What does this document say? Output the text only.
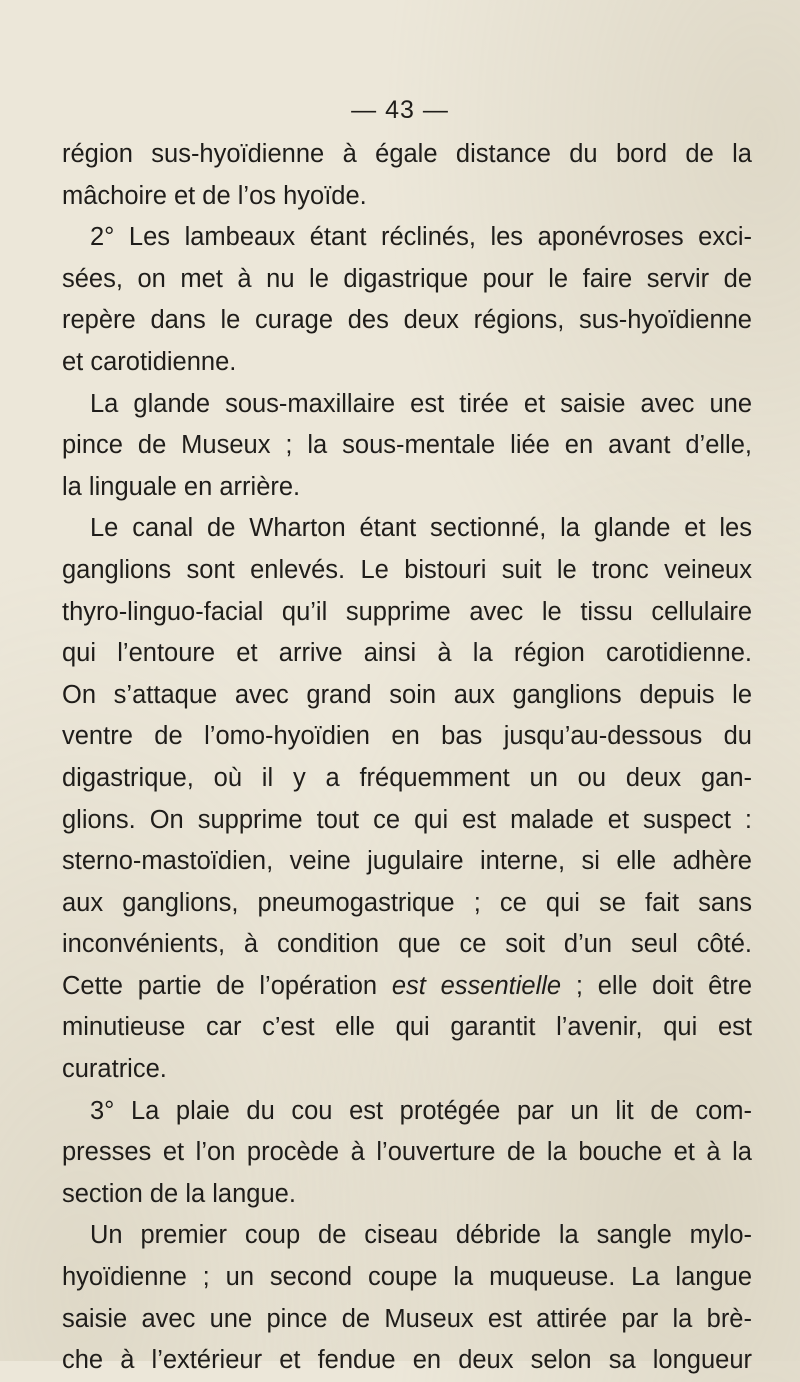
— 43 —
région sus-hyoïdienne à égale distance du bord de la
mâchoire et de l’os hyoïde.
2° Les lambeaux étant réclinés, les aponévroses exci-
sées, on met à nu le digastrique pour le faire servir de
repère dans le curage des deux régions, sus-hyoïdienne
et carotidienne.
La glande sous-maxillaire est tirée et saisie avec une
pince de Museux ; la sous-mentale liée en avant d’elle,
la linguale en arrière.
Le canal de Wharton étant sectionné, la glande et les
ganglions sont enlevés. Le bistouri suit le tronc veineux
thyro-linguo-facial qu’il supprime avec le tissu cellulaire
qui l’entoure et arrive ainsi à la région carotidienne.
On s’attaque avec grand soin aux ganglions depuis le
ventre de l’omo-hyoïdien en bas jusqu’au-dessous du
digastrique, où il y a fréquemment un ou deux gan-
glions. On supprime tout ce qui est malade et suspect :
sterno-mastoïdien, veine jugulaire interne, si elle adhère
aux ganglions, pneumogastrique ; ce qui se fait sans
inconvénients, à condition que ce soit d’un seul côté.
Cette partie de l’opération est essentielle ; elle doit être
minutieuse car c’est elle qui garantit l’avenir, qui est
curatrice.
3° La plaie du cou est protégée par un lit de com-
presses et l’on procède à l’ouverture de la bouche et à la
section de la langue.
Un premier coup de ciseau débride la sangle mylo-
hyoïdienne ; un second coupe la muqueuse. La langue
saisie avec une pince de Museux est attirée par la brè-
che à l’extérieur et fendue en deux selon sa longueur
